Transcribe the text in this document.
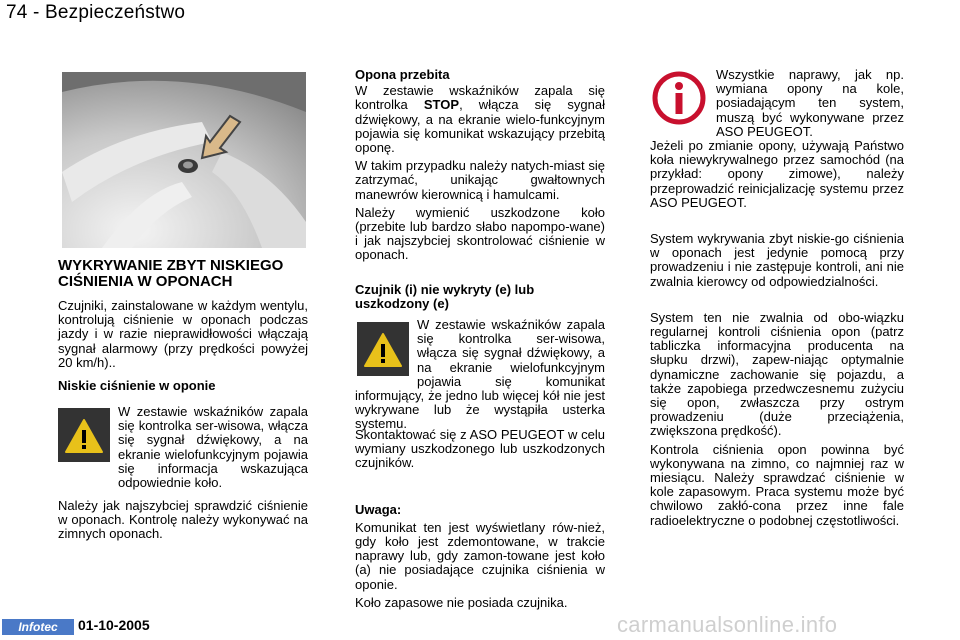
74 - Bezpieczeństwo

WYKRYWANIE ZBYT NISKIEGO CIŚNIENIA W OPONACH

Czujniki, zainstalowane w każdym wentylu, kontrolują ciśnienie w oponach podczas jazdy i w razie nieprawidłowości włączają sygnał alarmowy (przy prędkości powyżej 20 km/h)..

Niskie ciśnienie w oponie

W zestawie wskaźników zapala się kontrolka ser-wisowa, włącza się sygnał dźwiękowy, a na ekranie wielofunkcyjnym pojawia się informacja wskazująca odpowiednie koło.

Należy jak najszybciej sprawdzić ciśnienie w oponach. Kontrolę należy wykonywać na zimnych oponach.

Opona przebita

W zestawie wskaźników zapala się kontrolka STOP, włącza się sygnał dźwiękowy, a na ekranie wielo-funkcyjnym pojawia się komunikat wskazujący przebitą oponę.

W takim przypadku należy natych-miast się zatrzymać, unikając gwałtownych manewrów kierownicą i hamulcami.

Należy wymienić uszkodzone koło (przebite lub bardzo słabo napompo-wane) i jak najszybciej skontrolować ciśnienie w oponach.

Czujnik (i) nie wykryty (e) lub uszkodzony (e)

W zestawie wskaźników zapala się kontrolka ser-wisowa, włącza się sygnał dźwiękowy, a na ekranie wielofunkcyjnym pojawia się komunikat informujący, że jedno lub więcej kół nie jest wykrywane lub że wystąpiła usterka systemu.

Skontaktować się z ASO PEUGEOT w celu wymiany uszkodzonego lub uszkodzonych czujników.

Uwaga:

Komunikat ten jest wyświetlany rów-nież, gdy koło jest zdemontowane, w trakcie naprawy lub, gdy zamon-towane jest koło (a) nie posiadające czujnika ciśnienia w oponie.

Koło zapasowe nie posiada czujnika.

Wszystkie naprawy, jak np. wymiana opony na kole, posiadającym ten system, muszą być wykonywane przez ASO PEUGEOT.

Jeżeli po zmianie opony, używają Państwo koła niewykrywalnego przez samochód (na przykład: opony zimowe), należy przeprowadzić reinicjalizację systemu przez ASO PEUGEOT.

System wykrywania zbyt niskie-go ciśnienia w oponach jest jedynie pomocą przy prowadzeniu i nie zastępuje kontroli, ani nie zwalnia kierowcy od odpowiedzialności.

System ten nie zwalnia od obo-wiązku regularnej kontroli ciśnienia opon (patrz tabliczka informacyjna producenta na słupku drzwi), zapew-niając optymalnie dynamiczne zachowanie się pojazdu, a także zapobiega przedwczesnemu zużyciu się opon, zwłaszcza przy ostrym prowadzeniu (duże przeciążenia, zwiększona prędkość).

Kontrola ciśnienia opon powinna być wykonywana na zimno, co najmniej raz w miesiącu. Należy sprawdzać ciśnienie w kole zapasowym. Praca systemu może być chwilowo zakłó-cona przez inne fale radioelektryczne o podobnej częstotliwości.

Infotec	01-10-2005	carmanualsonline.info
